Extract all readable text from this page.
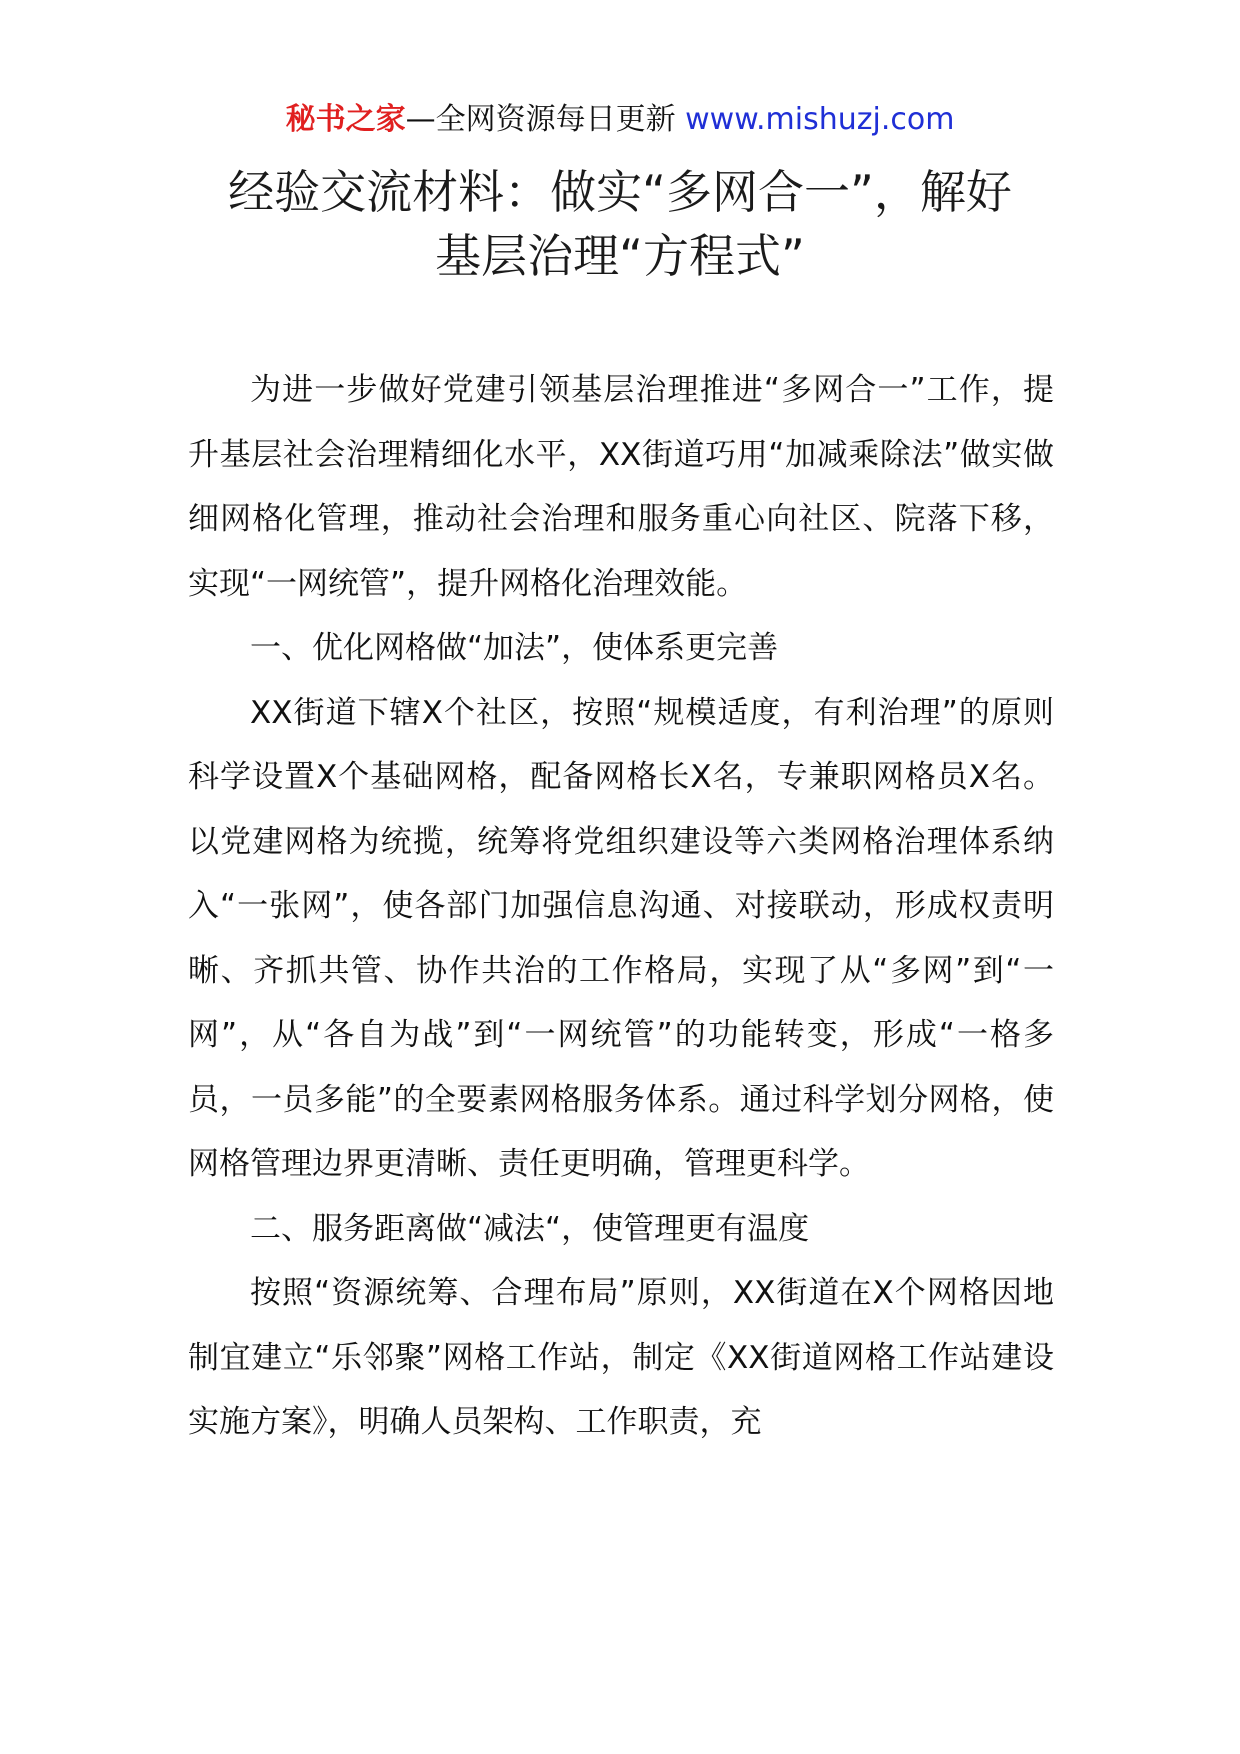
秘书之家—全网资源每日更新 www.mishuzj.com
经验交流材料：做实“多网合一”，解好
基层治理“方程式”

为进一步做好党建引领基层治理推进“多网合一”工作，提升基层社会治理精细化水平，XX街道巧用“加减乘除法”做实做细网格化管理，推动社会治理和服务重心向社区、院落下移，实现“一网统管”，提升网格化治理效能。

一、优化网格做“加法”，使体系更完善

XX街道下辖X个社区，按照“规模适度，有利治理”的原则科学设置X个基础网格，配备网格长X名，专兼职网格员X名。以党建网格为统揽，统筹将党组织建设等六类网格治理体系纳入“一张网”，使各部门加强信息沟通、对接联动，形成权责明晰、齐抓共管、协作共治的工作格局，实现了从“多网”到“一网”，从“各自为战”到“一网统管”的功能转变，形成“一格多员，一员多能”的全要素网格服务体系。通过科学划分网格，使网格管理边界更清晰、责任更明确，管理更科学。

二、服务距离做“减法“，使管理更有温度

按照“资源统筹、合理布局”原则，XX街道在X个网格因地制宜建立“乐邻聚”网格工作站，制定《XX街道网格工作站建设实施方案》，明确人员架构、工作职责，充
